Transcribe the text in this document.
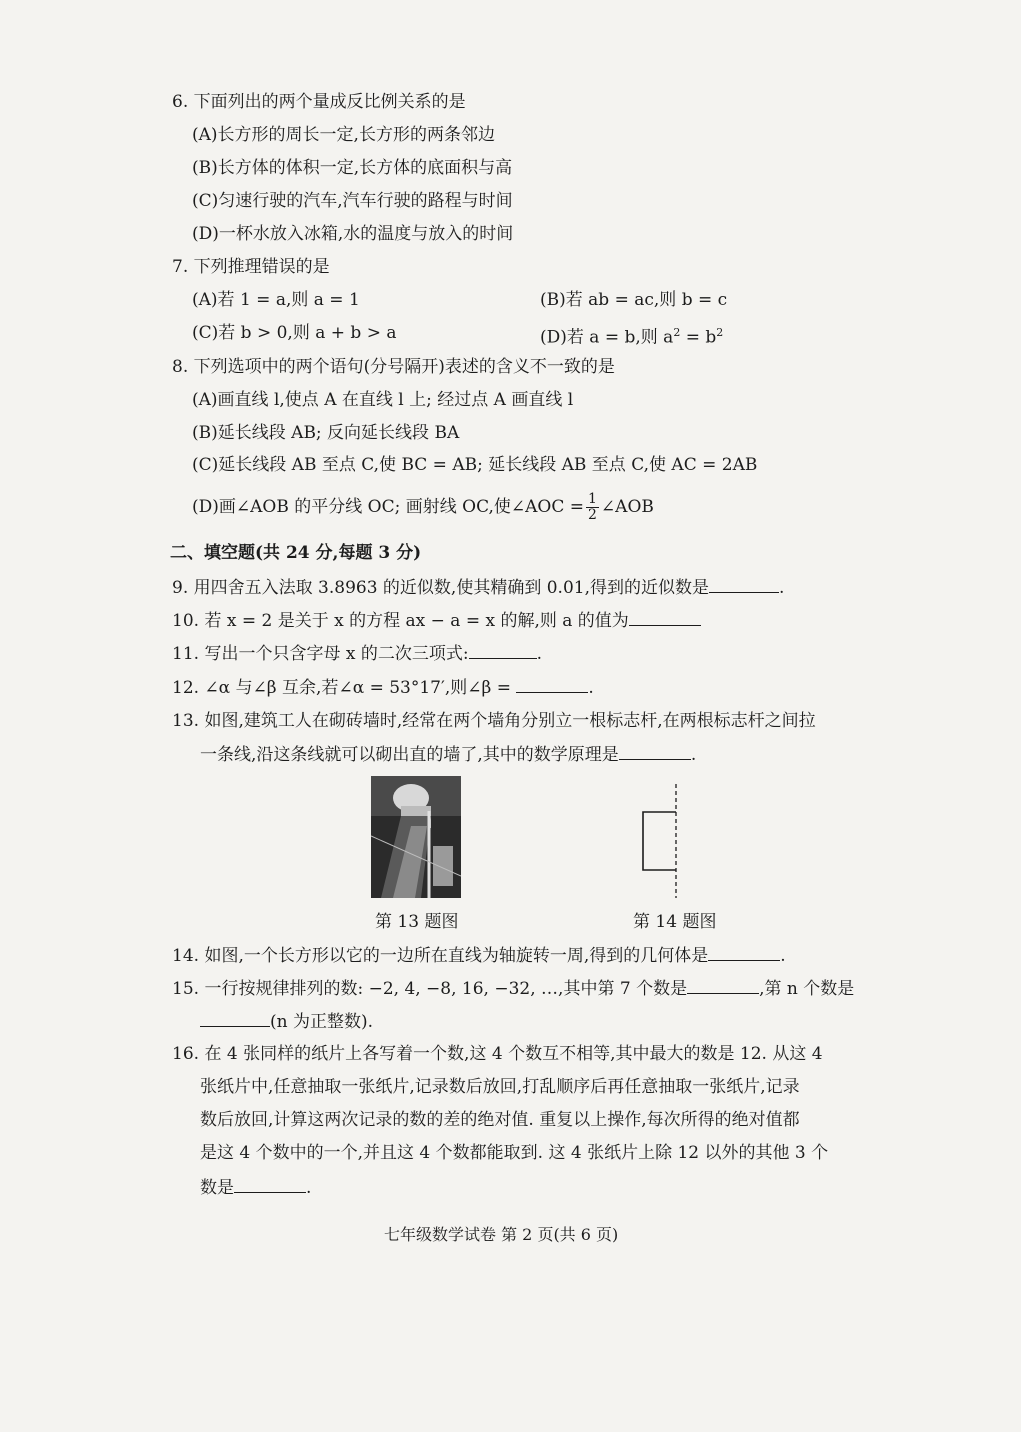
6. 下面列出的两个量成反比例关系的是
(A)长方形的周长一定,长方形的两条邻边
(B)长方体的体积一定,长方体的底面积与高
(C)匀速行驶的汽车,汽车行驶的路程与时间
(D)一杯水放入冰箱,水的温度与放入的时间
7. 下列推理错误的是
(A)若 1 = a,则 a = 1	(B)若 ab = ac,则 b = c
(C)若 b > 0,则 a + b > a	(D)若 a = b,则 $a^2 = b^2$
8. 下列选项中的两个语句(分号隔开)表述的含义不一致的是
(A)画直线 l,使点 A 在直线 l 上; 经过点 A 画直线 l
(B)延长线段 AB; 反向延长线段 BA
(C)延长线段 AB 至点 C,使 BC = AB; 延长线段 AB 至点 C,使 AC = 2AB
(D)画∠AOB 的平分线 OC; 画射线 OC,使∠AOC = $\frac{1}{2}$ ∠AOB
二、填空题(共 24 分,每题 3 分)
9. 用四舍五入法取 3.8963 的近似数,使其精确到 0.01,得到的近似数是	.
10. 若 x = 2 是关于 x 的方程 ax − a = x 的解,则 a 的值为
11. 写出一个只含字母 x 的二次三项式:	.
12. ∠α 与∠β 互余,若∠α = 53°17′,则∠β =	.
13. 如图,建筑工人在砌砖墙时,经常在两个墙角分别立一根标志杆,在两根标志杆之间拉
一条线,沿这条线就可以砌出直的墙了,其中的数学原理是	.
第 13 题图	第 14 题图
14. 如图,一个长方形以它的一边所在直线为轴旋转一周,得到的几何体是	.
15. 一行按规律排列的数: −2, 4, −8, 16, −32, …,其中第 7 个数是	,第 n 个数是
(n 为正整数).
16. 在 4 张同样的纸片上各写着一个数,这 4 个数互不相等,其中最大的数是 12. 从这 4
张纸片中,任意抽取一张纸片,记录数后放回,打乱顺序后再任意抽取一张纸片,记录
数后放回,计算这两次记录的数的差的绝对值. 重复以上操作,每次所得的绝对值都
是这 4 个数中的一个,并且这 4 个数都能取到. 这 4 张纸片上除 12 以外的其他 3 个
数是	.
七年级数学试卷 第 2 页(共 6 页)
